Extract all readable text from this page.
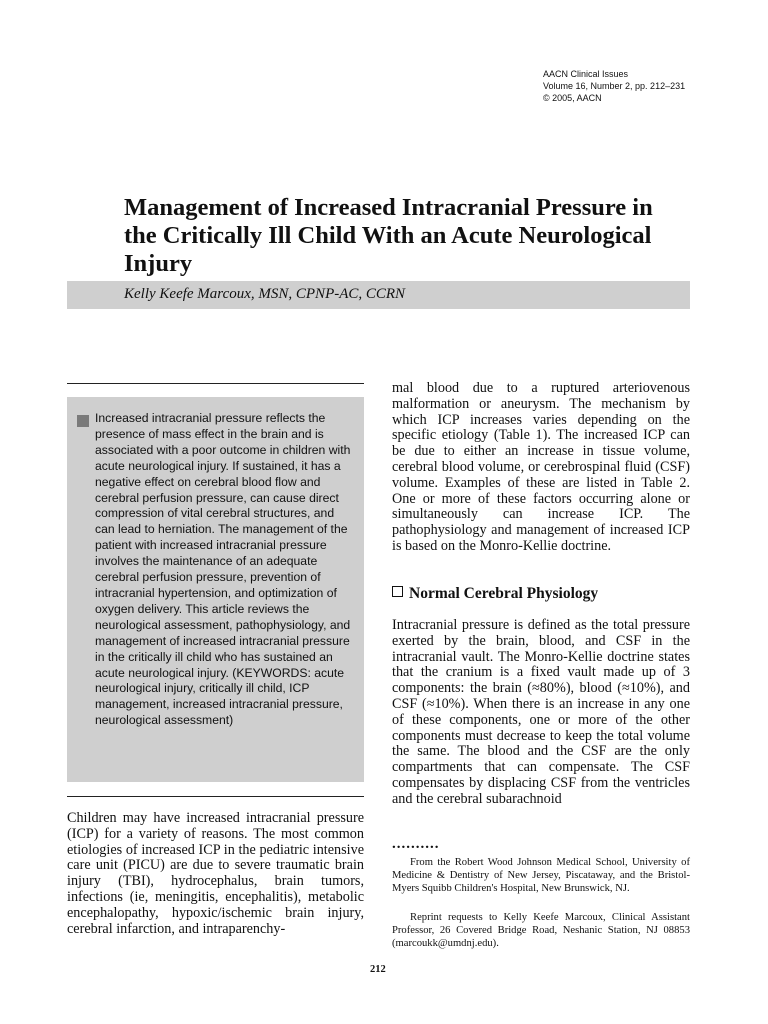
AACN Clinical Issues
Volume 16, Number 2, pp. 212–231
© 2005, AACN
Management of Increased Intracranial Pressure in the Critically Ill Child With an Acute Neurological Injury
Kelly Keefe Marcoux, MSN, CPNP-AC, CCRN
Increased intracranial pressure reflects the presence of mass effect in the brain and is associated with a poor outcome in children with acute neurological injury. If sustained, it has a negative effect on cerebral blood flow and cerebral perfusion pressure, can cause direct compression of vital cerebral structures, and can lead to herniation. The management of the patient with increased intracranial pressure involves the maintenance of an adequate cerebral perfusion pressure, prevention of intracranial hypertension, and optimization of oxygen delivery. This article reviews the neurological assessment, pathophysiology, and management of increased intracranial pressure in the critically ill child who has sustained an acute neurological injury. (KEYWORDS: acute neurological injury, critically ill child, ICP management, increased intracranial pressure, neurological assessment)
Children may have increased intracranial pressure (ICP) for a variety of reasons. The most common etiologies of increased ICP in the pediatric intensive care unit (PICU) are due to severe traumatic brain injury (TBI), hydrocephalus, brain tumors, infections (ie, meningitis, encephalitis), metabolic encephalopathy, hypoxic/ischemic brain injury, cerebral infarction, and intraparenchy-
mal blood due to a ruptured arteriovenous malformation or aneurysm. The mechanism by which ICP increases varies depending on the specific etiology (Table 1). The increased ICP can be due to either an increase in tissue volume, cerebral blood volume, or cerebrospinal fluid (CSF) volume. Examples of these are listed in Table 2. One or more of these factors occurring alone or simultaneously can increase ICP. The pathophysiology and management of increased ICP is based on the Monro-Kellie doctrine.
Normal Cerebral Physiology
Intracranial pressure is defined as the total pressure exerted by the brain, blood, and CSF in the intracranial vault. The Monro-Kellie doctrine states that the cranium is a fixed vault made up of 3 components: the brain (≈80%), blood (≈10%), and CSF (≈10%). When there is an increase in any one of these components, one or more of the other components must decrease to keep the total volume the same. The blood and the CSF are the only compartments that can compensate. The CSF compensates by displacing CSF from the ventricles and the cerebral subarachnoid
..........
From the Robert Wood Johnson Medical School, University of Medicine & Dentistry of New Jersey, Piscataway, and the Bristol-Myers Squibb Children's Hospital, New Brunswick, NJ.
Reprint requests to Kelly Keefe Marcoux, Clinical Assistant Professor, 26 Covered Bridge Road, Neshanic Station, NJ 08853 (marcoukk@umdnj.edu).
212
